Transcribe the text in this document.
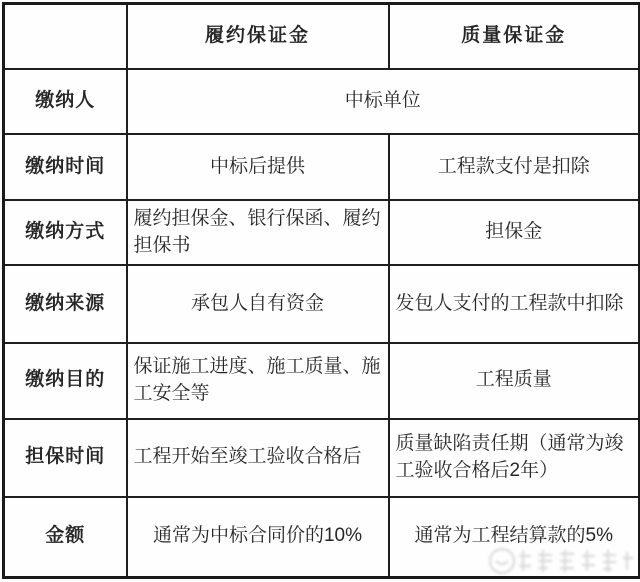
	履约保证金	质量保证金
缴纳人	中标单位	
缴纳时间	中标后提供	工程款支付是扣除
缴纳方式	履约担保金、银行保函、履约担保书	担保金
缴纳来源	承包人自有资金	发包人支付的工程款中扣除
缴纳目的	保证施工进度、施工质量、施工安全等	工程质量
担保时间	工程开始至竣工验收合格后	质量缺陷责任期（通常为竣工验收合格后2年）
金额	通常为中标合同价的10%	通常为工程结算款的5%
